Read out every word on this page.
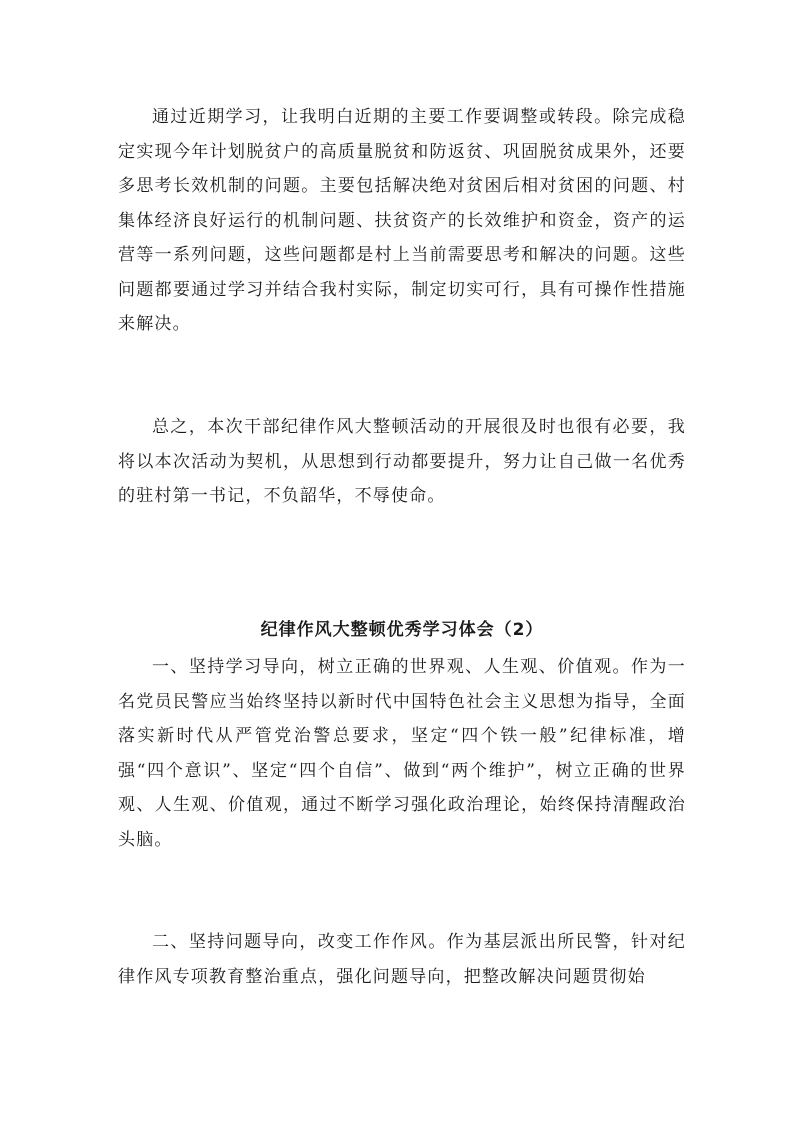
通过近期学习，让我明白近期的主要工作要调整或转段。除完成稳定实现今年计划脱贫户的高质量脱贫和防返贫、巩固脱贫成果外，还要多思考长效机制的问题。主要包括解决绝对贫困后相对贫困的问题、村集体经济良好运行的机制问题、扶贫资产的长效维护和资金，资产的运营等一系列问题，这些问题都是村上当前需要思考和解决的问题。这些问题都要通过学习并结合我村实际，制定切实可行，具有可操作性措施来解决。

总之，本次干部纪律作风大整顿活动的开展很及时也很有必要，我将以本次活动为契机，从思想到行动都要提升，努力让自己做一名优秀的驻村第一书记，不负韶华，不辱使命。

纪律作风大整顿优秀学习体会（2）

一、坚持学习导向，树立正确的世界观、人生观、价值观。作为一名党员民警应当始终坚持以新时代中国特色社会主义思想为指导，全面落实新时代从严管党治警总要求，坚定“四个铁一般”纪律标准，增强“四个意识”、坚定“四个自信”、做到“两个维护”，树立正确的世界观、人生观、价值观，通过不断学习强化政治理论，始终保持清醒政治头脑。

二、坚持问题导向，改变工作作风。作为基层派出所民警，针对纪律作风专项教育整治重点，强化问题导向，把整改解决问题贯彻始
